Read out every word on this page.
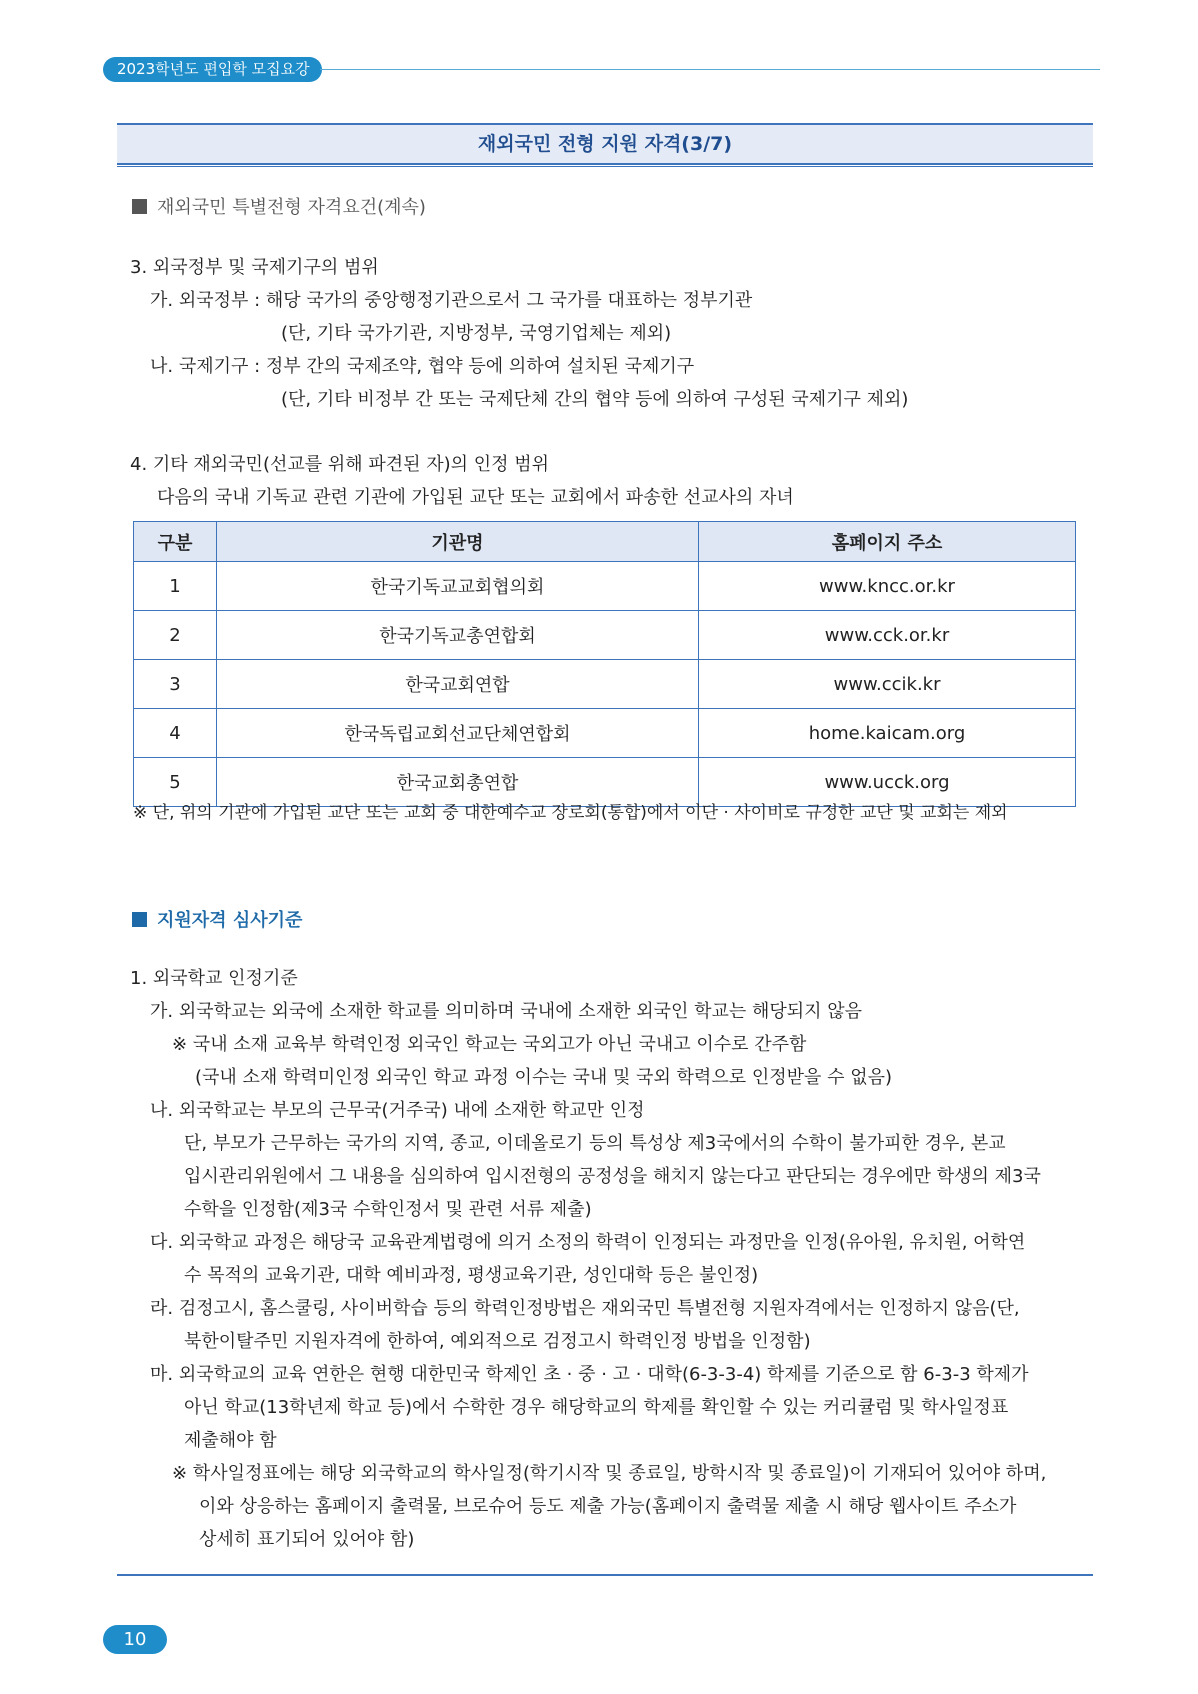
2023학년도 편입학 모집요강
재외국민 전형 지원 자격(3/7)
재외국민 특별전형 자격요건(계속)
3. 외국정부 및 국제기구의 범위
가. 외국정부 : 해당 국가의 중앙행정기관으로서 그 국가를 대표하는 정부기관
(단, 기타 국가기관, 지방정부, 국영기업체는 제외)
나. 국제기구 : 정부 간의 국제조약, 협약 등에 의하여 설치된 국제기구
(단, 기타 비정부 간 또는 국제단체 간의 협약 등에 의하여 구성된 국제기구 제외)
4. 기타 재외국민(선교를 위해 파견된 자)의 인정 범위
다음의 국내 기독교 관련 기관에 가입된 교단 또는 교회에서 파송한 선교사의 자녀
구분	기관명	홈페이지 주소
1	한국기독교교회협의회	www.kncc.or.kr
2	한국기독교총연합회	www.cck.or.kr
3	한국교회연합	www.ccik.kr
4	한국독립교회선교단체연합회	home.kaicam.org
5	한국교회총연합	www.ucck.org
※ 단, 위의 기관에 가입된 교단 또는 교회 중 대한예수교 장로회(통합)에서 이단 · 사이비로 규정한 교단 및 교회는 제외
지원자격 심사기준
1. 외국학교 인정기준
가. 외국학교는 외국에 소재한 학교를 의미하며 국내에 소재한 외국인 학교는 해당되지 않음
※ 국내 소재 교육부 학력인정 외국인 학교는 국외고가 아닌 국내고 이수로 간주함
(국내 소재 학력미인정 외국인 학교 과정 이수는 국내 및 국외 학력으로 인정받을 수 없음)
나. 외국학교는 부모의 근무국(거주국) 내에 소재한 학교만 인정
단, 부모가 근무하는 국가의 지역, 종교, 이데올로기 등의 특성상 제3국에서의 수학이 불가피한 경우, 본교
입시관리위원에서 그 내용을 심의하여 입시전형의 공정성을 해치지 않는다고 판단되는 경우에만 학생의 제3국
수학을 인정함(제3국 수학인정서 및 관련 서류 제출)
다. 외국학교 과정은 해당국 교육관계법령에 의거 소정의 학력이 인정되는 과정만을 인정(유아원, 유치원, 어학연
수 목적의 교육기관, 대학 예비과정, 평생교육기관, 성인대학 등은 불인정)
라. 검정고시, 홈스쿨링, 사이버학습 등의 학력인정방법은 재외국민 특별전형 지원자격에서는 인정하지 않음(단,
북한이탈주민 지원자격에 한하여, 예외적으로 검정고시 학력인정 방법을 인정함)
마. 외국학교의 교육 연한은 현행 대한민국 학제인 초 · 중 · 고 · 대학(6-3-3-4) 학제를 기준으로 함 6-3-3 학제가
아닌 학교(13학년제 학교 등)에서 수학한 경우 해당학교의 학제를 확인할 수 있는 커리큘럼 및 학사일정표
제출해야 함
※ 학사일정표에는 해당 외국학교의 학사일정(학기시작 및 종료일, 방학시작 및 종료일)이 기재되어 있어야 하며,
이와 상응하는 홈페이지 출력물, 브로슈어 등도 제출 가능(홈페이지 출력물 제출 시 해당 웹사이트 주소가
상세히 표기되어 있어야 함)
10
